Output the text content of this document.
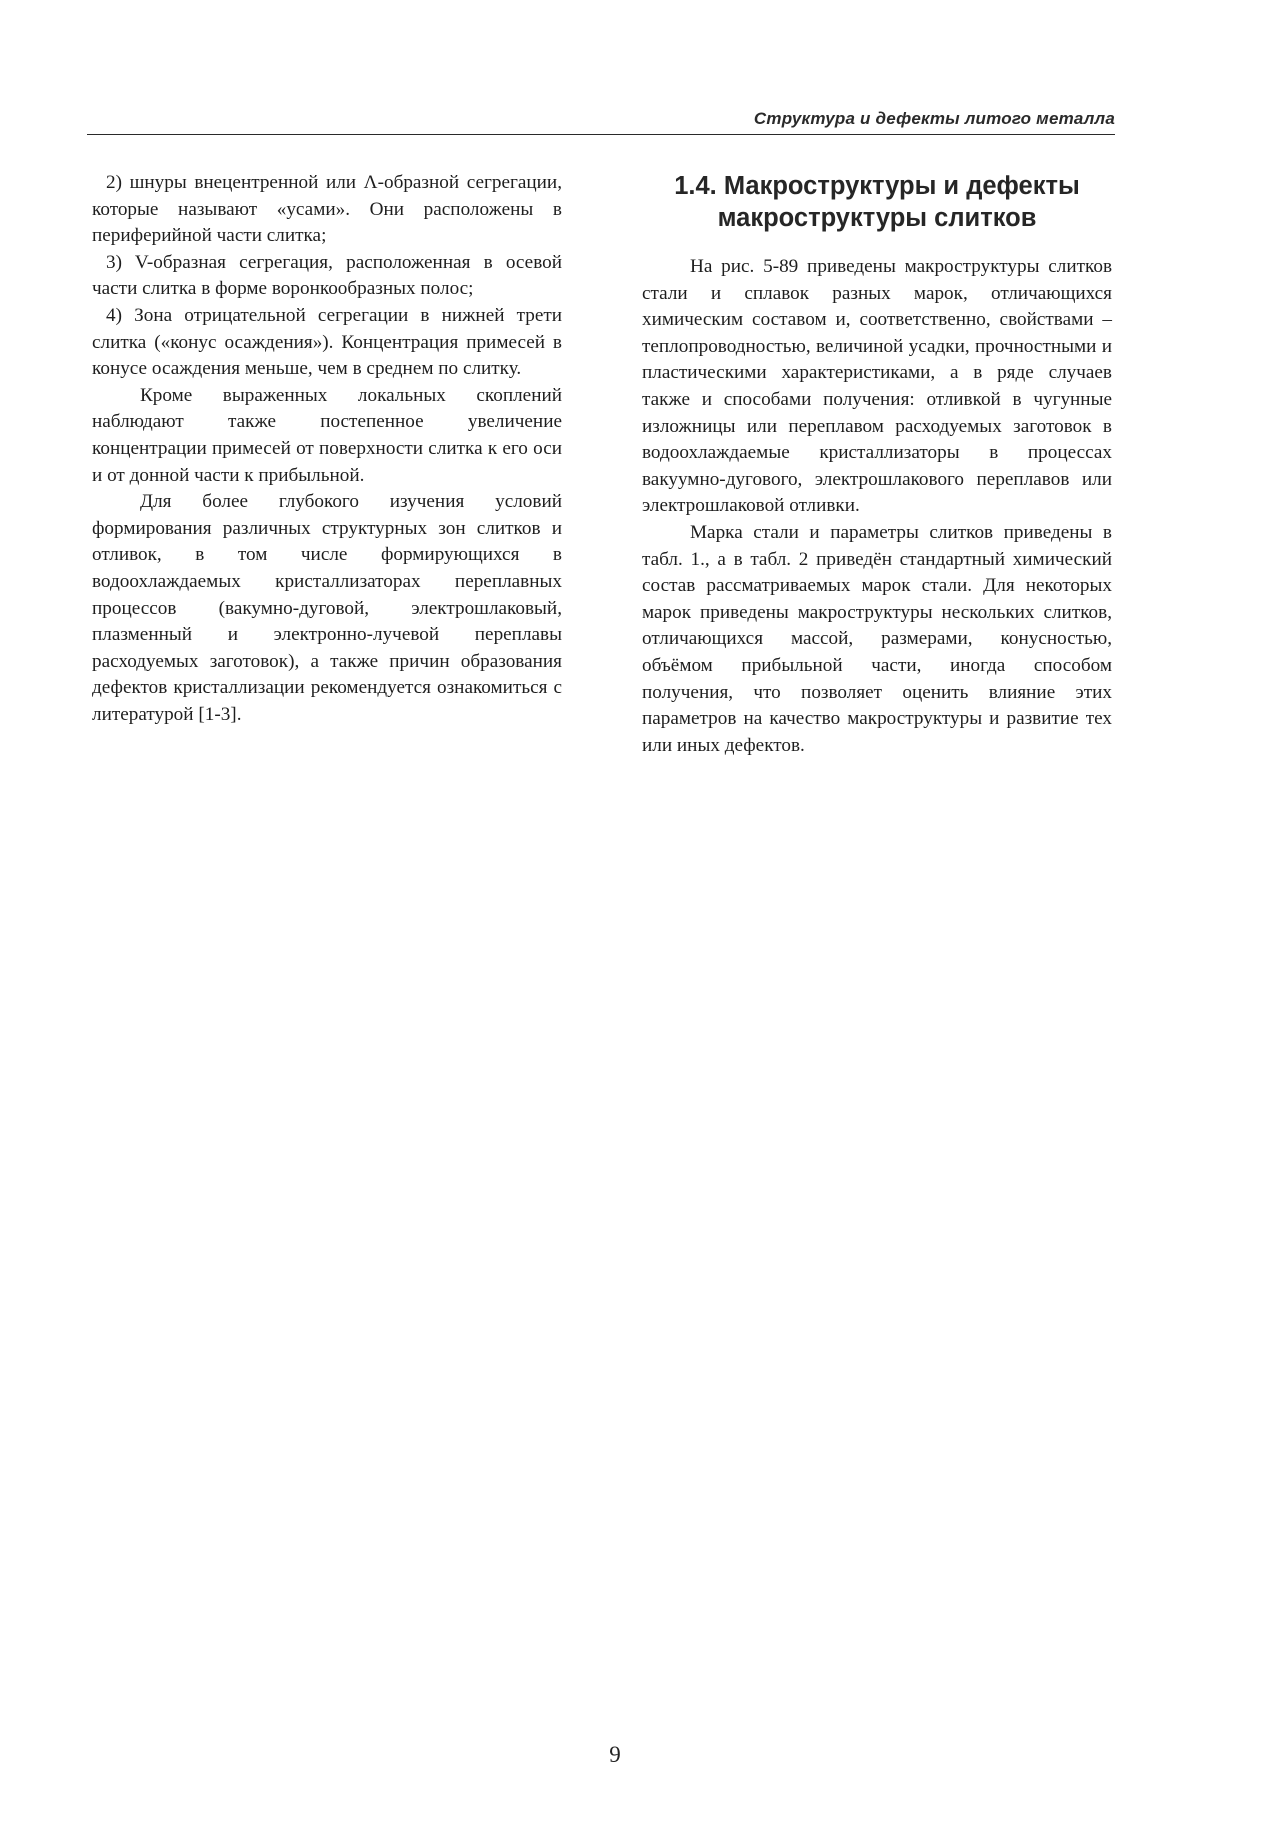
Структура и дефекты литого металла

2) шнуры внецентренной или Λ-образной сегрегации, которые называют «усами». Они расположены в периферийной части слитка;

3) V-образная сегрегация, расположенная в осевой части слитка в форме воронкообразных полос;

4) Зона отрицательной сегрегации в нижней трети слитка («конус осаждения»). Концентрация примесей в конусе осаждения меньше, чем в среднем по слитку.

Кроме выраженных локальных скоплений наблюдают также постепенное увеличение концентрации примесей от поверхности слитка к его оси и от донной части к прибыльной.

Для более глубокого изучения условий формирования различных структурных зон слитков и отливок, в том числе формирующихся в водоохлаждаемых кристаллизаторах переплавных процессов (вакумно-дуговой, электрошлаковый, плазменный и электронно-лучевой переплавы расходуемых заготовок), а также причин образования дефектов кристаллизации рекомендуется ознакомиться с литературой [1-3].

1.4. Макроструктуры и дефекты макроструктуры слитков

На рис. 5-89 приведены макроструктуры слитков стали и сплавок разных марок, отличающихся химическим составом и, соответственно, свойствами – теплопроводностью, величиной усадки, прочностными и пластическими характеристиками, а в ряде случаев также и способами получения: отливкой в чугунные изложницы или переплавом расходуемых заготовок в водоохлаждаемые кристаллизаторы в процессах вакуумно-дугового, электрошлакового переплавов или электрошлаковой отливки.

Марка стали и параметры слитков приведены в табл. 1., а в табл. 2 приведён стандартный химический состав рассматриваемых марок стали. Для некоторых марок приведены макроструктуры нескольких слитков, отличающихся массой, размерами, конусностью, объёмом прибыльной части, иногда способом получения, что позволяет оценить влияние этих параметров на качество макроструктуры и развитие тех или иных дефектов.

9
